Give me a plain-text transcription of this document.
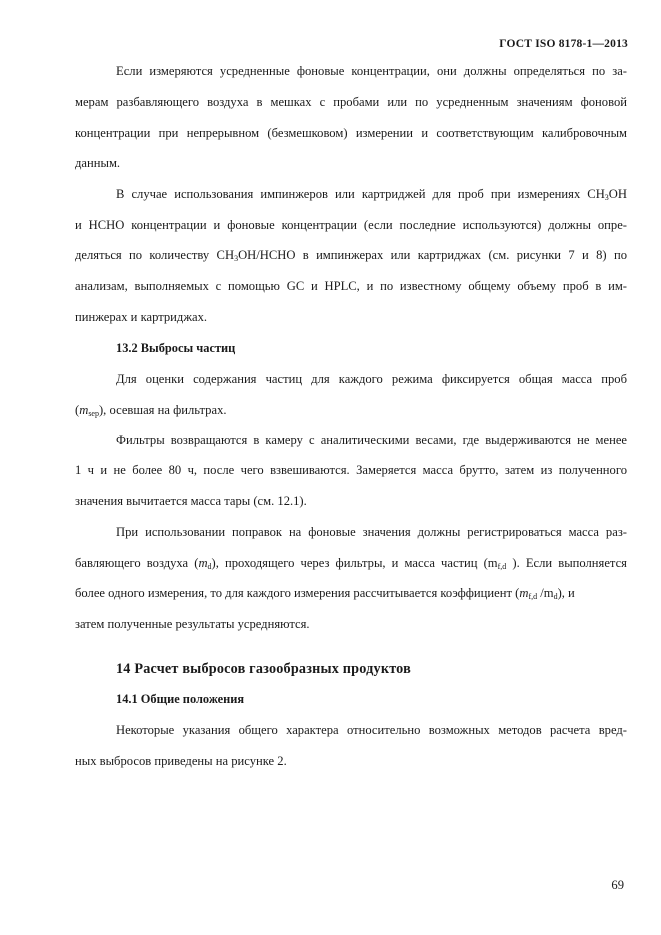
ГОСТ ISO 8178-1—2013
Если измеряются усредненные фоновые концентрации, они должны определяться по за-
мерам разбавляющего воздуха в мешках с пробами или по усредненным значениям фоновой
концентрации при непрерывном (безмешковом) измерении и соответствующим калибровочным
данным.
В случае использования импинжеров или картриджей для проб при измерениях $CH_3OH$
и HCHO концентрации и фоновые концентрации (если последние используются) должны опре-
деляться по количеству $CH_3OH$/HCHO в импинжерах или картриджах (см. рисунки 7 и 8) по
анализам, выполняемых с помощью GC и HPLC, и по известному общему объему проб в им-
пинжерах и картриджах.
13.2 Выбросы частиц
Для оценки содержания частиц для каждого режима фиксируется общая масса проб
$(m_{sep})$, осевшая на фильтрах.
Фильтры возвращаются в камеру с аналитическими весами, где выдерживаются не менее
1 ч и не более 80 ч, после чего взвешиваются. Замеряется масса брутто, затем из полученного
значения вычитается масса тары (см. 12.1).
При использовании поправок на фоновые значения должны регистрироваться масса раз-
бавляющего воздуха $(m_d)$, проходящего через фильтры, и масса частиц ($m_{f,d}$ ). Если выполняется
более одного измерения, то для каждого измерения рассчитывается коэффициент ($m_{f,d}$ $/m_d$), и
затем полученные результаты усредняются.
14 Расчет выбросов газообразных продуктов
14.1 Общие положения
Некоторые указания общего характера относительно возможных методов расчета вред-
ных выбросов приведены на рисунке 2.
69
